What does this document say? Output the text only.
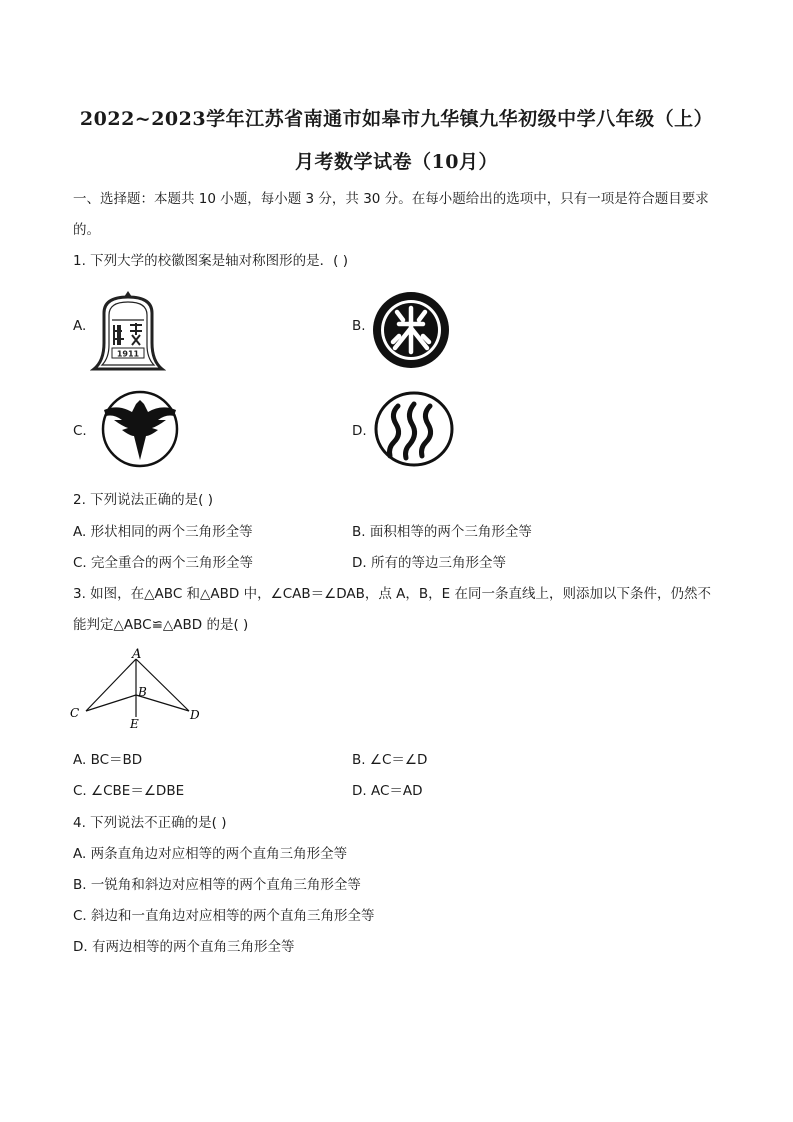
2022~2023学年江苏省南通市如皋市九华镇九华初级中学八年级（上）
月考数学试卷（10月）
一、选择题：本题共 10 小题，每小题 3 分，共 30 分。在每小题给出的选项中，只有一项是符合题目要求
的。
1. 下列大学的校徽图案是轴对称图形的是．( )
A.
1911
B.
C.	D.
2. 下列说法正确的是( )
A. 形状相同的两个三角形全等	B. 面积相等的两个三角形全等
C. 完全重合的两个三角形全等	D. 所有的等边三角形全等
3. 如图，在△ABC 和△ABD 中，∠CAB＝∠DAB，点 A，B，E 在同一条直线上，则添加以下条件，仍然不
能判定△ABC≌△ABD 的是( )
A
B
C	D
E
A. BC＝BD	B. ∠C＝∠D
C. ∠CBE＝∠DBE	D. AC＝AD
4. 下列说法不正确的是( )
A. 两条直角边对应相等的两个直角三角形全等
B. 一锐角和斜边对应相等的两个直角三角形全等
C. 斜边和一直角边对应相等的两个直角三角形全等
D. 有两边相等的两个直角三角形全等
